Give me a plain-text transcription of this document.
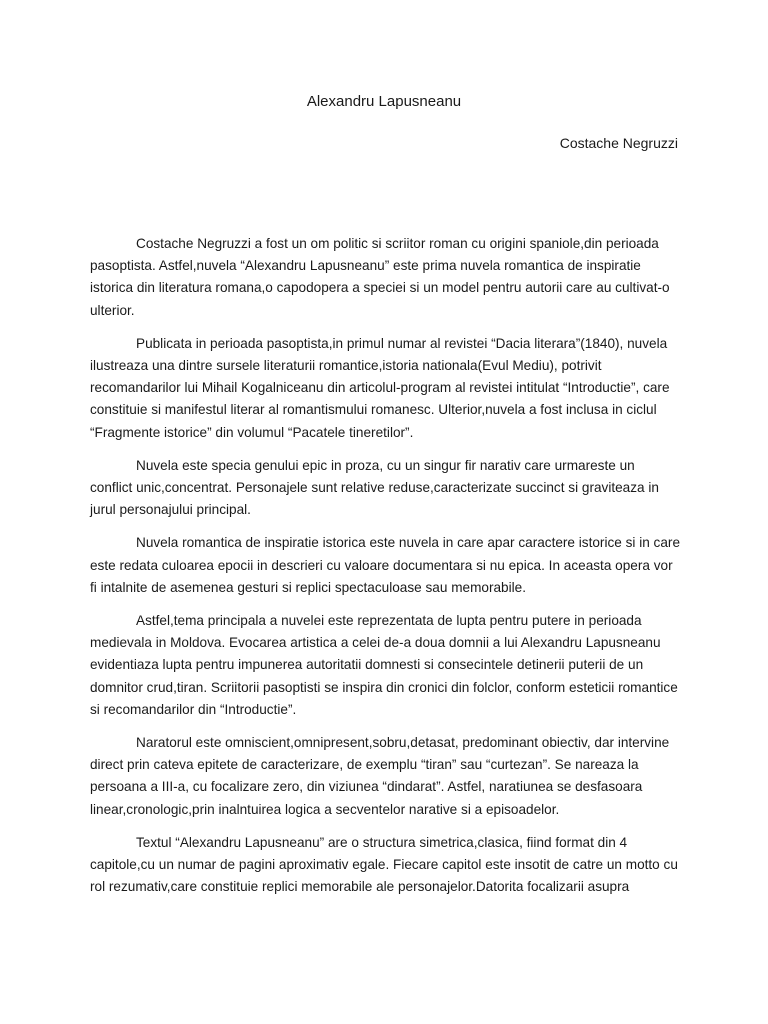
Alexandru Lapusneanu

Costache Negruzzi

Costache Negruzzi a fost un om politic si scriitor roman cu origini spaniole,din perioada pasoptista. Astfel,nuvela “Alexandru Lapusneanu” este prima nuvela romantica de inspiratie istorica din literatura romana,o capodopera a speciei si un model pentru autorii care au cultivat-o ulterior.

Publicata in perioada pasoptista,in primul numar al revistei “Dacia literara”(1840), nuvela ilustreaza una dintre sursele literaturii romantice,istoria nationala(Evul Mediu), potrivit recomandarilor lui Mihail Kogalniceanu din articolul-program al revistei intitulat “Introductie”, care constituie si manifestul literar al romantismului romanesc. Ulterior,nuvela a fost inclusa in ciclul “Fragmente istorice” din volumul “Pacatele tineretilor”.

Nuvela este specia genului epic in proza, cu un singur fir narativ care urmareste un conflict unic,concentrat. Personajele sunt relative reduse,caracterizate succinct si graviteaza in jurul personajului principal.

Nuvela romantica de inspiratie istorica este nuvela in care apar caractere istorice si in care este redata culoarea epocii in descrieri cu valoare documentara si nu epica. In aceasta opera vor fi intalnite de asemenea gesturi si replici spectaculoase sau memorabile.

Astfel,tema principala a nuvelei este reprezentata de lupta pentru putere in perioada medievala in Moldova. Evocarea artistica a celei de-a doua domnii a lui Alexandru Lapusneanu evidentiaza lupta pentru impunerea autoritatii domnesti si consecintele detinerii puterii de un domnitor crud,tiran. Scriitorii pasoptisti se inspira din cronici din folclor, conform esteticii romantice si recomandarilor din “Introductie”.

Naratorul este omniscient,omnipresent,sobru,detasat, predominant obiectiv, dar intervine direct prin cateva epitete de caracterizare, de exemplu “tiran” sau “curtezan”. Se nareaza la persoana a III-a, cu focalizare zero, din viziunea “dindarat”. Astfel, naratiunea se desfasoara linear,cronologic,prin inalntuirea logica a secventelor narative si a episoadelor.

Textul “Alexandru Lapusneanu” are o structura simetrica,clasica, fiind format din 4 capitole,cu un numar de pagini aproximativ egale. Fiecare capitol este insotit de catre un motto cu rol rezumativ,care constituie replici memorabile ale personajelor.Datorita focalizarii asupra
